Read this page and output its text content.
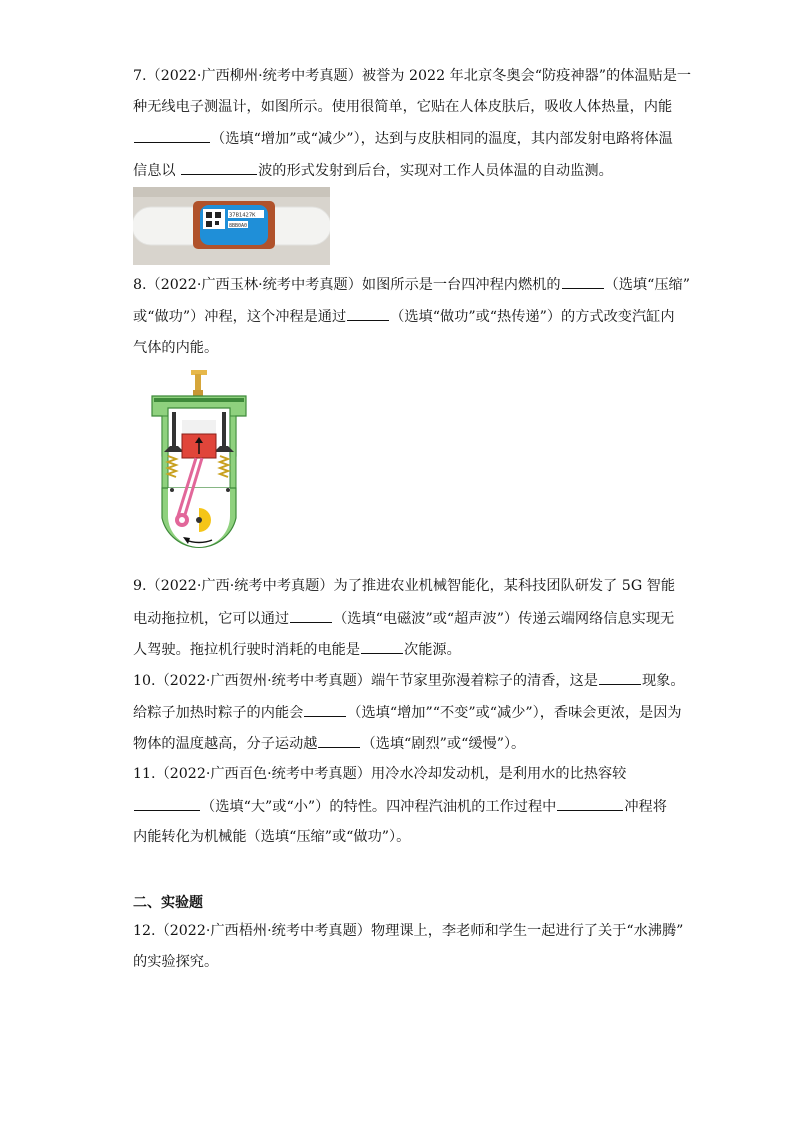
7.（2022·广西柳州·统考中考真题）被誉为 2022 年北京冬奥会“防疫神器”的体温贴是一
种无线电子测温计，如图所示。使用很简单，它贴在人体皮肤后，吸收人体热量，内能
（选填“增加”或“减少”），达到与皮肤相同的温度，其内部发射电路将体温
信息以	波的形式发射到后台，实现对工作人员体温的自动监测。
37B1427K
8BB0A0
8.（2022·广西玉林·统考中考真题）如图所示是一台四冲程内燃机的	（选填“压缩”
或“做功”）冲程，这个冲程是通过	（选填“做功”或“热传递”）的方式改变汽缸内
气体的内能。
9.（2022·广西·统考中考真题）为了推进农业机械智能化，某科技团队研发了 5G 智能
电动拖拉机，它可以通过	（选填“电磁波”或“超声波”）传递云端网络信息实现无
人驾驶。拖拉机行驶时消耗的电能是	次能源。
10.（2022·广西贺州·统考中考真题）端午节家里弥漫着粽子的清香，这是	现象。
给粽子加热时粽子的内能会	（选填“增加”“不变”或“减少”），香味会更浓，是因为
物体的温度越高，分子运动越	（选填“剧烈”或“缓慢”）。
11.（2022·广西百色·统考中考真题）用冷水冷却发动机，是利用水的比热容较
（选填“大”或“小”）的特性。四冲程汽油机的工作过程中	冲程将
内能转化为机械能（选填“压缩”或“做功”）。
二、实验题
12.（2022·广西梧州·统考中考真题）物理课上，李老师和学生一起进行了关于“水沸腾”
的实验探究。
